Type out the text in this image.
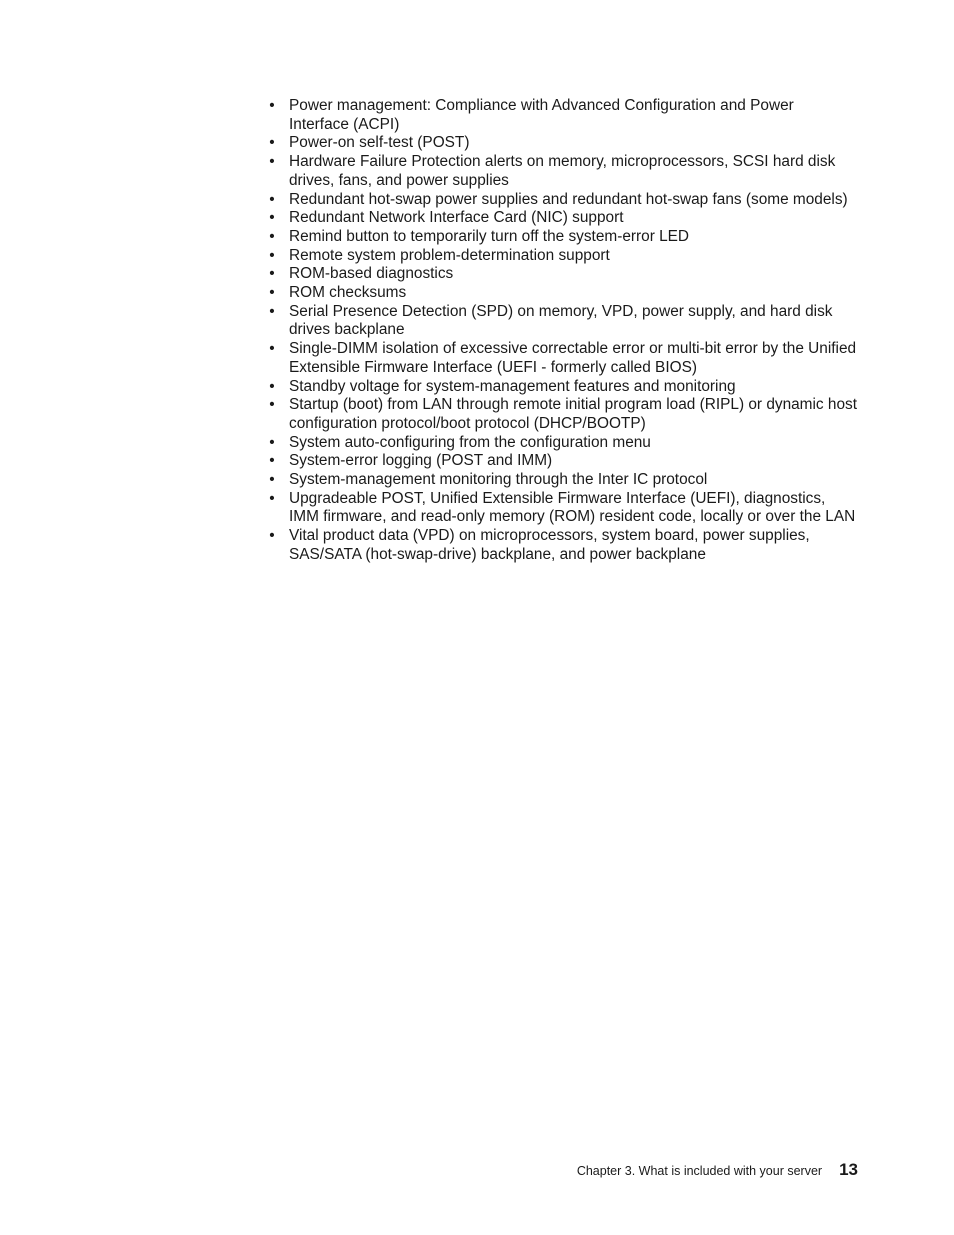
• Power management: Compliance with Advanced Configuration and Power Interface (ACPI)
• Power-on self-test (POST)
• Hardware Failure Protection alerts on memory, microprocessors, SCSI hard disk drives, fans, and power supplies
• Redundant hot-swap power supplies and redundant hot-swap fans (some models)
• Redundant Network Interface Card (NIC) support
• Remind button to temporarily turn off the system-error LED
• Remote system problem-determination support
• ROM-based diagnostics
• ROM checksums
• Serial Presence Detection (SPD) on memory, VPD, power supply, and hard disk drives backplane
• Single-DIMM isolation of excessive correctable error or multi-bit error by the Unified Extensible Firmware Interface (UEFI - formerly called BIOS)
• Standby voltage for system-management features and monitoring
• Startup (boot) from LAN through remote initial program load (RIPL) or dynamic host configuration protocol/boot protocol (DHCP/BOOTP)
• System auto-configuring from the configuration menu
• System-error logging (POST and IMM)
• System-management monitoring through the Inter IC protocol
• Upgradeable POST, Unified Extensible Firmware Interface (UEFI), diagnostics, IMM firmware, and read-only memory (ROM) resident code, locally or over the LAN
• Vital product data (VPD) on microprocessors, system board, power supplies, SAS/SATA (hot-swap-drive) backplane, and power backplane
Chapter 3. What is included with your server 13
